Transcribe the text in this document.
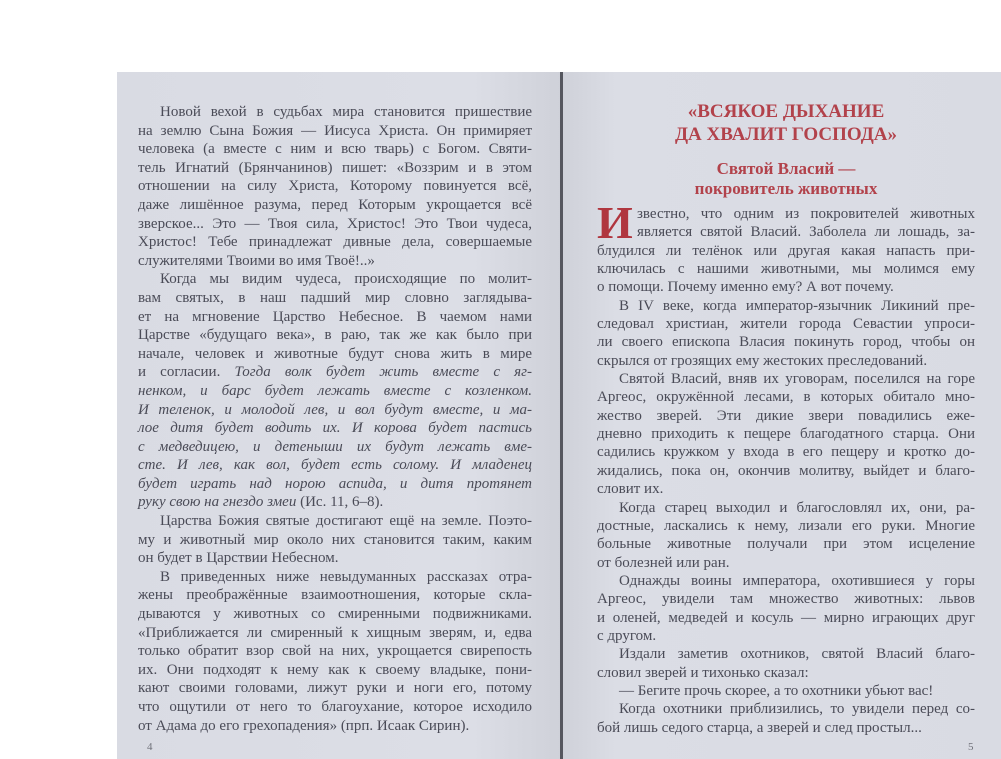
Новой вехой в судьбах мира становится пришествие
на землю Сына Божия — Иисуса Христа. Он примиряет
человека (а вместе с ним и всю тварь) с Богом. Святи-
тель Игнатий (Брянчанинов) пишет: «Воззрим и в этом
отношении на силу Христа, Которому повинуется всё,
даже лишённое разума, перед Которым укрощается всё
зверское... Это — Твоя сила, Христос! Это Твои чудеса,
Христос! Тебе принадлежат дивные дела, совершаемые
служителями Твоими во имя Твоё!..»
Когда мы видим чудеса, происходящие по молит-
вам святых, в наш падший мир словно заглядыва-
ет на мгновение Царство Небесное. В чаемом нами
Царстве «будущаго века», в раю, так же как было при
начале, человек и животные будут снова жить в мире
и согласии. Тогда волк будет жить вместе с яг-
ненком, и барс будет лежать вместе с козленком.
И теленок, и молодой лев, и вол будут вместе, и ма-
лое дитя будет водить их. И корова будет пастись
с медведицею, и детеныши их будут лежать вме-
сте. И лев, как вол, будет есть солому. И младенец
будет играть над норою аспида, и дитя протянет
руку свою на гнездо змеи (Ис. 11, 6–8).
Царства Божия святые достигают ещё на земле. Поэто-
му и животный мир около них становится таким, каким
он будет в Царствии Небесном.
В приведенных ниже невыдуманных рассказах отра-
жены преображённые взаимоотношения, которые скла-
дываются у животных со смиренными подвижниками.
«Приближается ли смиренный к хищным зверям, и, едва
только обратит взор свой на них, укрощается свирепость
их. Они подходят к нему как к своему владыке, пони-
кают своими головами, лижут руки и ноги его, потому
что ощутили от него то благоухание, которое исходило
от Адама до его грехопадения» (прп. Исаак Сирин).
«ВСЯКОЕ ДЫХАНИЕ
ДА ХВАЛИТ ГОСПОДА»
Святой Власий —
покровитель животных
И звестно, что одним из покровителей животных
является святой Власий. Заболела ли лошадь, за-
блудился ли телёнок или другая какая напасть при-
ключилась с нашими животными, мы молимся ему
о помощи. Почему именно ему? А вот почему.
В IV веке, когда император-язычник Ликиний пре-
следовал христиан, жители города Севастии упроси-
ли своего епископа Власия покинуть город, чтобы он
скрылся от грозящих ему жестоких преследований.
Святой Власий, вняв их уговорам, поселился на горе
Аргеос, окружённой лесами, в которых обитало мно-
жество зверей. Эти дикие звери повадились еже-
дневно приходить к пещере благодатного старца. Они
садились кружком у входа в его пещеру и кротко до-
жидались, пока он, окончив молитву, выйдет и благо-
словит их.
Когда старец выходил и благословлял их, они, ра-
достные, ласкались к нему, лизали его руки. Многие
больные животные получали при этом исцеление
от болезней или ран.
Однажды воины императора, охотившиеся у горы
Аргеос, увидели там множество животных: львов
и оленей, медведей и косуль — мирно играющих друг
с другом.
Издали заметив охотников, святой Власий благо-
словил зверей и тихонько сказал:
— Бегите прочь скорее, а то охотники убьют вас!
Когда охотники приблизились, то увидели перед со-
бой лишь седого старца, а зверей и след простыл...
4	5
